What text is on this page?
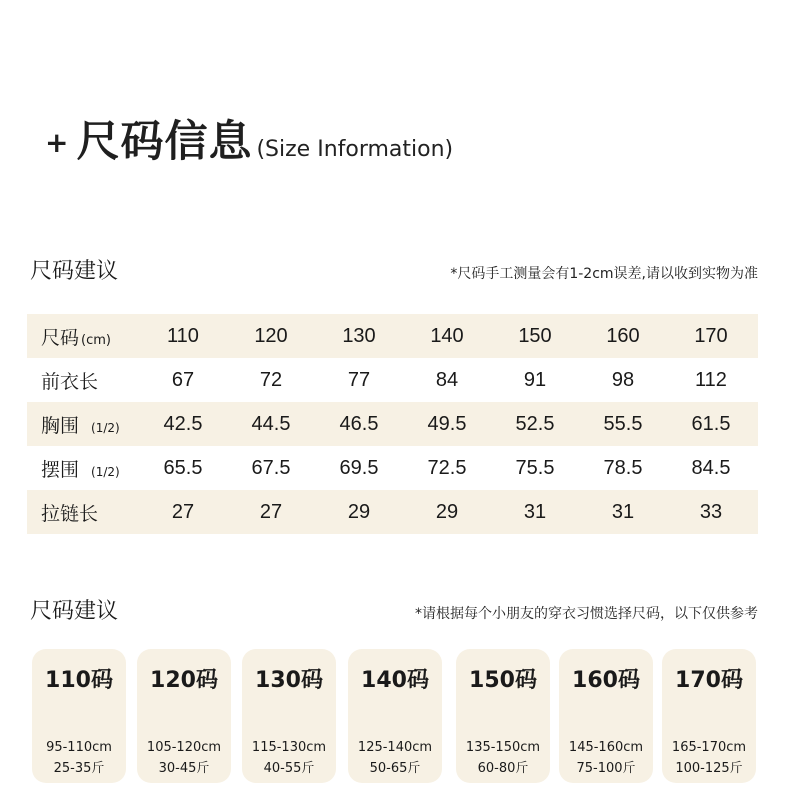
+ 尺码信息 (Size Information)
尺码建议	*尺码手工测量会有1-2cm误差,请以收到实物为准
尺码 (cm)	110	120	130	140	150	160	170
前衣长	67	72	77	84	91	98	112
胸围 (1/2)	42.5	44.5	46.5	49.5	52.5	55.5	61.5
摆围 (1/2)	65.5	67.5	69.5	72.5	75.5	78.5	84.5
拉链长	27	27	29	29	31	31	33
尺码建议	*请根据每个小朋友的穿衣习惯选择尺码，以下仅供参考
110码
95-110cm
25-35斤
120码
105-120cm
30-45斤
130码
115-130cm
40-55斤
140码
125-140cm
50-65斤
150码
135-150cm
60-80斤
160码
145-160cm
75-100斤
170码
165-170cm
100-125斤
